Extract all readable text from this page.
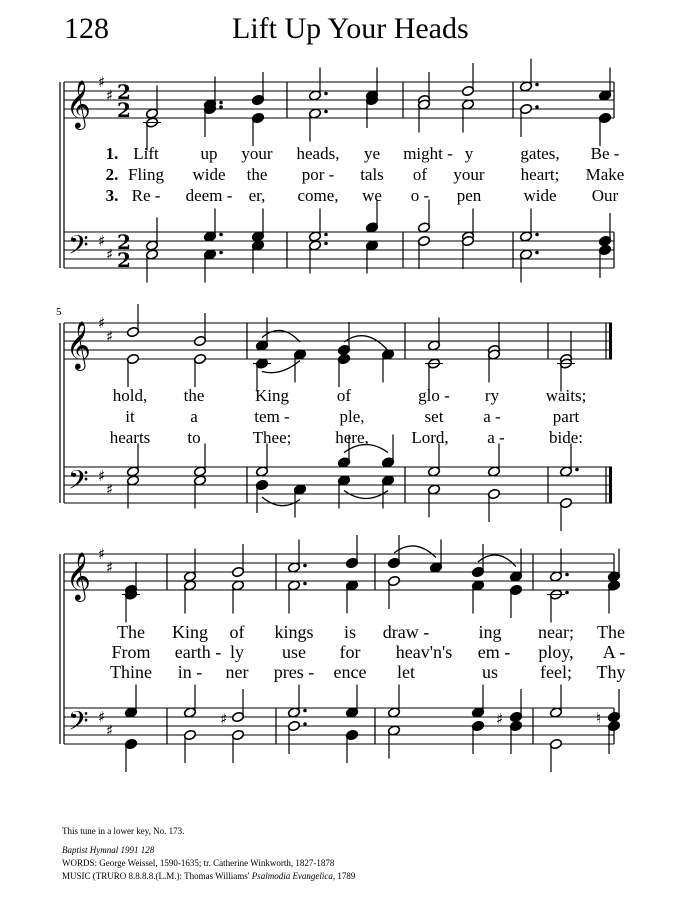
128	Lift Up Your Heads
5
𝄞
𝄢
♯
♯
♯
♯
2
2
2
2
𝄞
𝄢
♯
♯
♯
♯
𝄞
𝄢
♯
♯
♯
♯
♯	♯	♮
1. Lift up your heads, ye might - y	gates, Be -
2. Fling wide the por - tals of your heart; Make
3. Re - deem - er, come, we o - pen wide Our
hold, the	King	of	glo - ry	waits;
it	a	tem -	ple,	set a -	part
hearts to	Thee;	here,	Lord, a -	bide:
The King of kings is draw -	ing near; The
From earth - ly use for heav'n's em - ploy, A -
Thine in - ner pres - ence let	us feel; Thy
This tune in a lower key, No. 173.
Baptist Hymnal 1991 128
WORDS: George Weissel, 1590-1635; tr. Catherine Winkworth, 1827-1878
MUSIC (TRURO 8.8.8.8.(L.M.): Thomas Williams' Psalmodia Evangelica, 1789
